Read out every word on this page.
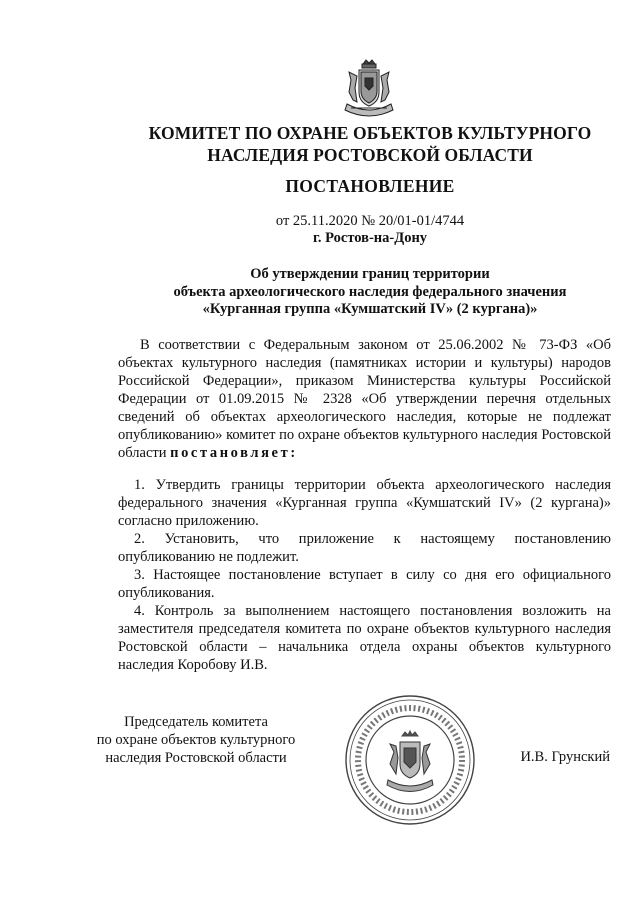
КОМИТЕТ ПО ОХРАНЕ ОБЪЕКТОВ КУЛЬТУРНОГО
НАСЛЕДИЯ РОСТОВСКОЙ ОБЛАСТИ
ПОСТАНОВЛЕНИЕ
от 25.11.2020 № 20/01-01/4744
г. Ростов-на-Дону
Об утверждении границ территории
объекта археологического наследия федерального значения
«Курганная группа «Кумшатский IV» (2 кургана)»

В соответствии с Федеральным законом от 25.06.2002 № 73-ФЗ «Об объектах культурного наследия (памятниках истории и культуры) народов Российской Федерации», приказом Министерства культуры Российской Федерации от 01.09.2015 № 2328 «Об утверждении перечня отдельных сведений об объектах археологического наследия, которые не подлежат опубликованию» комитет по охране объектов культурного наследия Ростовской области постановляет:

1. Утвердить границы территории объекта археологического наследия федерального значения «Курганная группа «Кумшатский IV» (2 кургана)» согласно приложению.

2. Установить, что приложение к настоящему постановлению опубликованию не подлежит.

3. Настоящее постановление вступает в силу со дня его официального опубликования.

4. Контроль за выполнением настоящего постановления возложить на заместителя председателя комитета по охране объектов культурного наследия Ростовской области – начальника отдела охраны объектов культурного наследия Коробову И.В.

Председатель комитета
по охране объектов культурного
наследия Ростовской области	И.В. Грунский
